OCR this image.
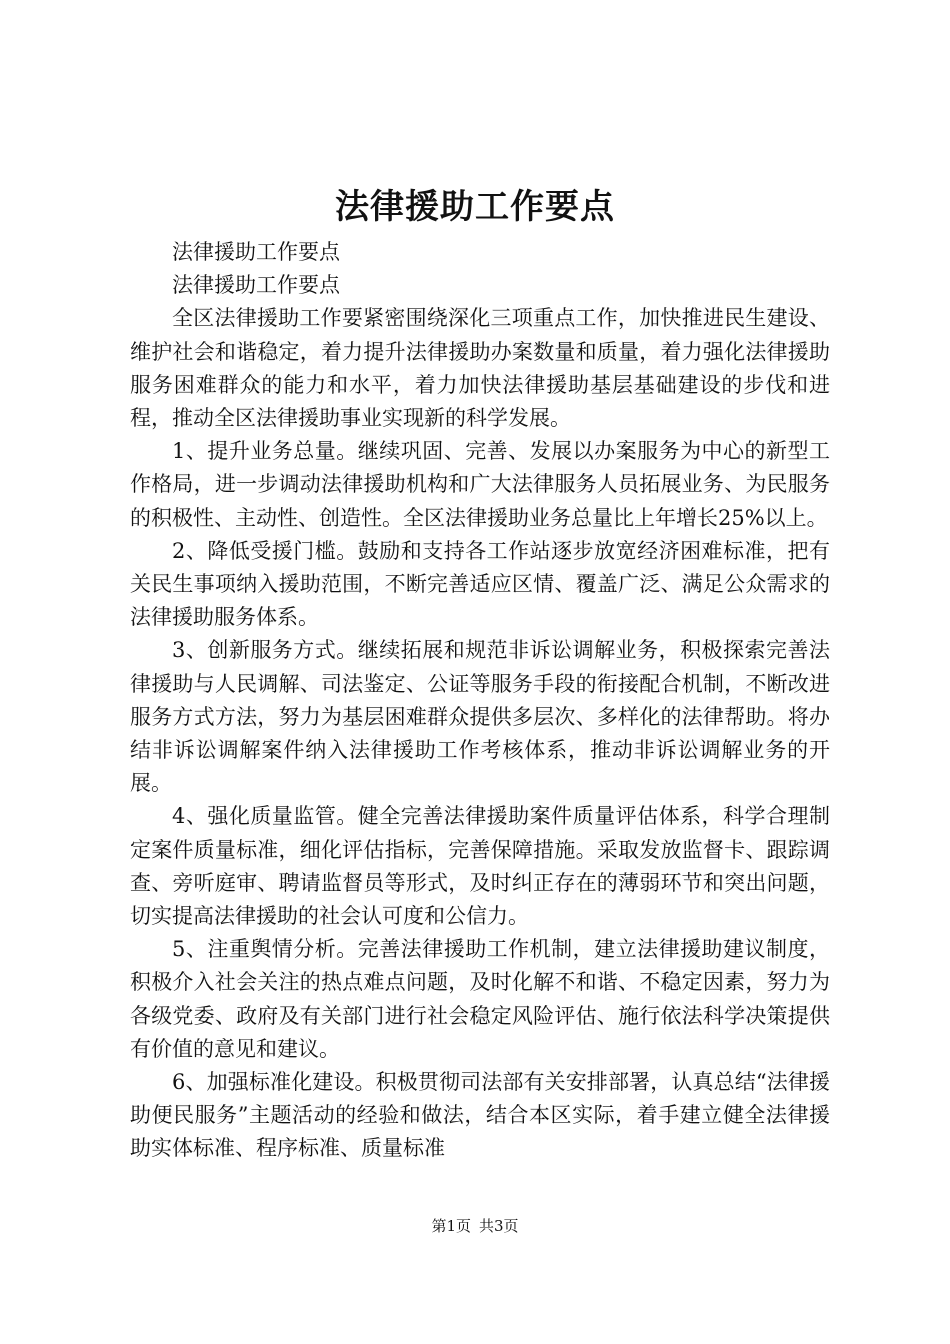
法律援助工作要点

法律援助工作要点

法律援助工作要点

全区法律援助工作要紧密围绕深化三项重点工作，加快推进民生建设、维护社会和谐稳定，着力提升法律援助办案数量和质量，着力强化法律援助服务困难群众的能力和水平，着力加快法律援助基层基础建设的步伐和进程，推动全区法律援助事业实现新的科学发展。

1、提升业务总量。继续巩固、完善、发展以办案服务为中心的新型工作格局，进一步调动法律援助机构和广大法律服务人员拓展业务、为民服务的积极性、主动性、创造性。全区法律援助业务总量比上年增长25%以上。

2、降低受援门槛。鼓励和支持各工作站逐步放宽经济困难标准，把有关民生事项纳入援助范围，不断完善适应区情、覆盖广泛、满足公众需求的法律援助服务体系。

3、创新服务方式。继续拓展和规范非诉讼调解业务，积极探索完善法律援助与人民调解、司法鉴定、公证等服务手段的衔接配合机制，不断改进服务方式方法，努力为基层困难群众提供多层次、多样化的法律帮助。将办结非诉讼调解案件纳入法律援助工作考核体系，推动非诉讼调解业务的开展。

4、强化质量监管。健全完善法律援助案件质量评估体系，科学合理制定案件质量标准，细化评估指标，完善保障措施。采取发放监督卡、跟踪调查、旁听庭审、聘请监督员等形式，及时纠正存在的薄弱环节和突出问题，切实提高法律援助的社会认可度和公信力。

5、注重舆情分析。完善法律援助工作机制，建立法律援助建议制度，积极介入社会关注的热点难点问题，及时化解不和谐、不稳定因素，努力为各级党委、政府及有关部门进行社会稳定风险评估、施行依法科学决策提供有价值的意见和建议。

6、加强标准化建设。积极贯彻司法部有关安排部署，认真总结“法律援助便民服务”主题活动的经验和做法，结合本区实际，着手建立健全法律援助实体标准、程序标准、质量标准

第1页 共3页
